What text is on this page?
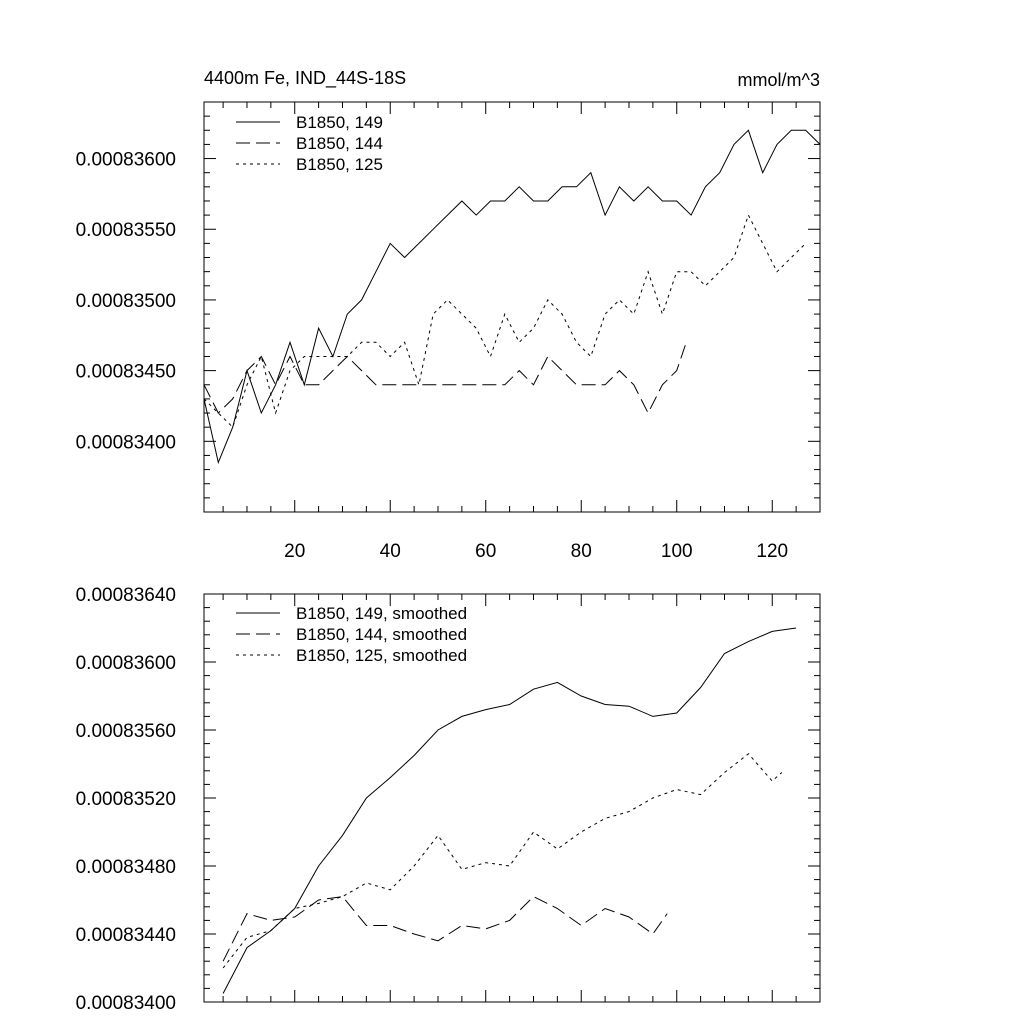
4400m Fe, IND_44S-18S	mmol/m^3
20	40	60	80	100	120
0.00083400
0.00083450
0.00083500
0.00083550
0.00083600
B1850, 149
B1850, 144
B1850, 125
0.00083400
0.00083440
0.00083480
0.00083520
0.00083560
0.00083600
0.00083640
B1850, 149, smoothed
B1850, 144, smoothed
B1850, 125, smoothed
